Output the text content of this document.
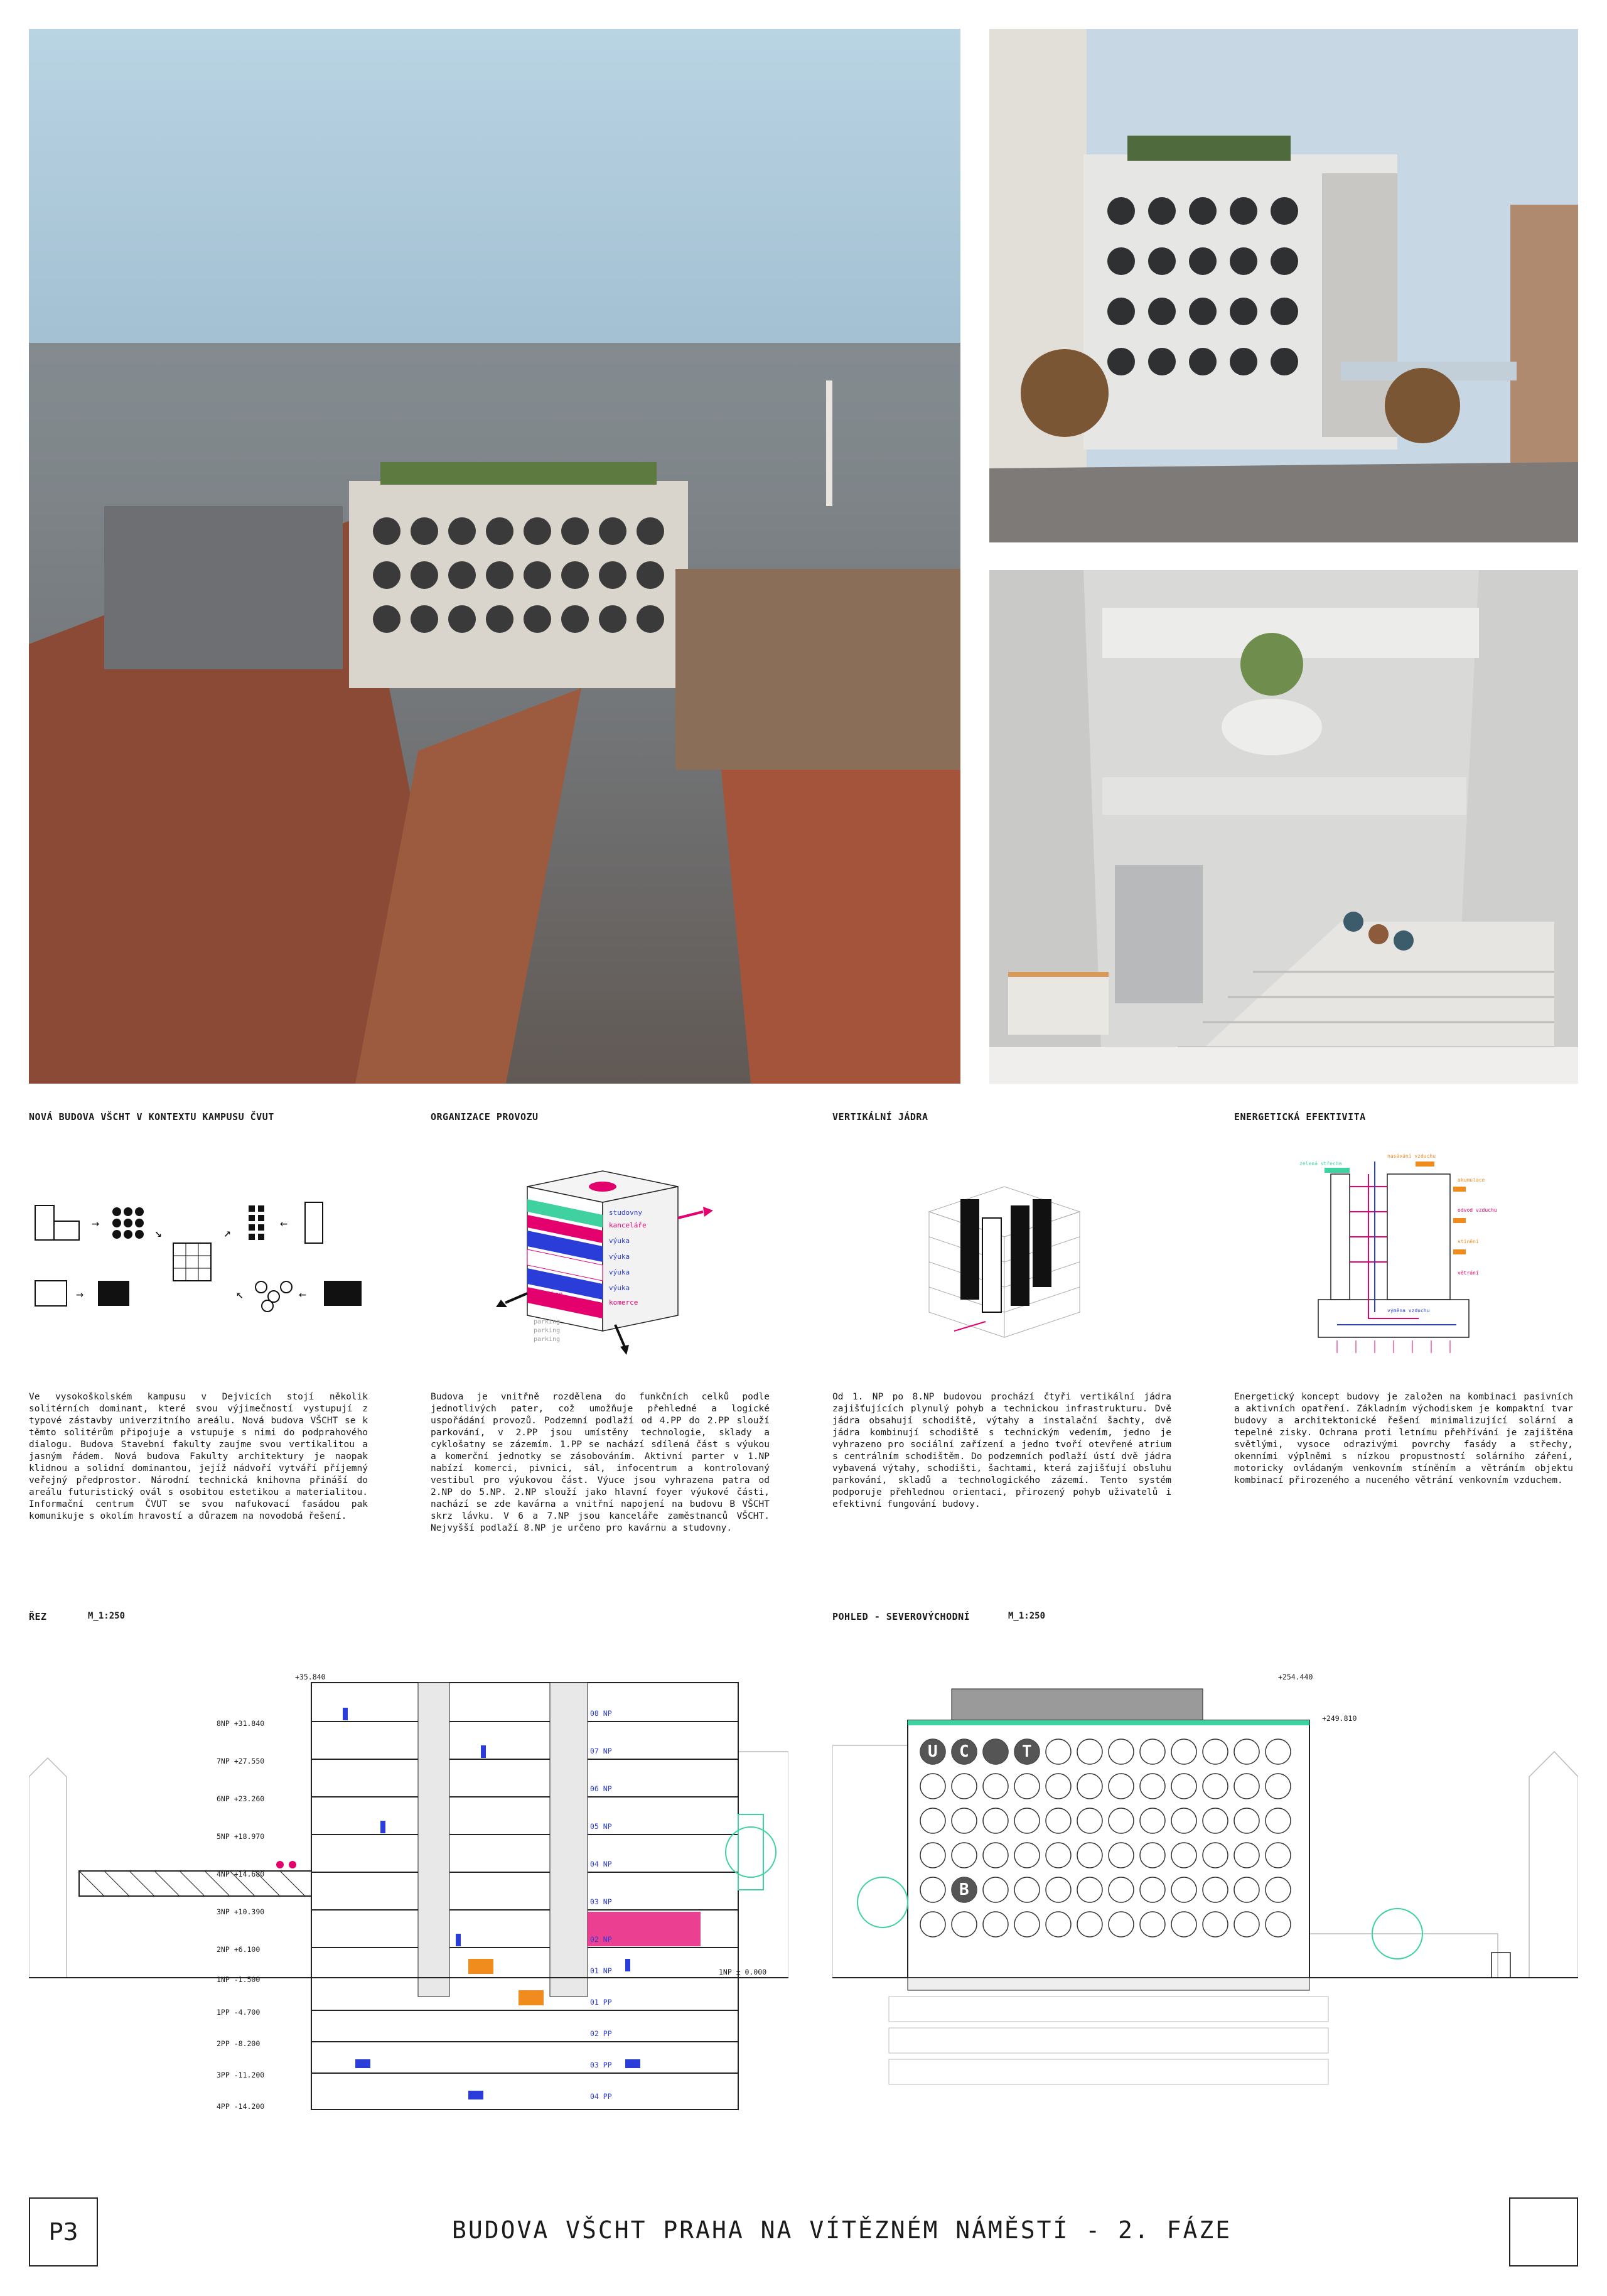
NOVÁ BUDOVA VŠCHT V KONTEXTU KAMPUSU ČVUT	ORGANIZACE PROVOZU	VERTIKÁLNÍ JÁDRA	ENERGETICKÁ EFEKTIVITA
→
↘	↗
←
→	↖	←
studovny
kanceláře
výuka
výuka
výuka
výuka
komerce
pivnice
parking
parking
parking
zelená střecha
nasávání vzduchu
akumulace
odvod vzduchu
stínění
větrání
výměna vzduchu
Ve vysokoškolském kampusu v Dejvicích stojí několik solitérních dominant, které svou výjimečností vystupují z typové zástavby univerzitního areálu. Nová budova VŠCHT se k těmto solitérům připojuje a vstupuje s nimi do podprahového dialogu. Budova Stavební fakulty zaujme svou vertikalitou a jasným řádem. Nová budova Fakulty architektury je naopak klidnou a solidní dominantou, jejíž nádvoří vytváří příjemný veřejný předprostor. Národní technická knihovna přináší do areálu futuristický ovál s osobitou estetikou a materialitou. Informační centrum ČVUT se svou nafukovací fasádou pak komunikuje s okolím hravostí a důrazem na novodobá řešení.
Budova je vnitřně rozdělena do funkčních celků podle jednotlivých pater, což umožňuje přehledné a logické uspořádání provozů. Podzemní podlaží od 4.PP do 2.PP slouží parkování, v 2.PP jsou umístěny technologie, sklady a cyklošatny se zázemím. 1.PP se nachází sdílená část s výukou a komerční jednotky se zásobováním. Aktivní parter v 1.NP nabízí komerci, pivnici, sál, infocentrum a kontrolovaný vestibul pro výukovou část. Výuce jsou vyhrazena patra od 2.NP do 5.NP. 2.NP slouží jako hlavní foyer výukové části, nachází se zde kavárna a vnitřní napojení na budovu B VŠCHT skrz lávku. V 6 a 7.NP jsou kanceláře zaměstnanců VŠCHT. Nejvyšší podlaží 8.NP je určeno pro kavárnu a studovny.
Od 1. NP po 8.NP budovou prochází čtyři vertikální jádra zajišťujících plynulý pohyb a technickou infrastrukturu. Dvě jádra obsahují schodiště, výtahy a instalační šachty, dvě jádra kombinují schodiště s technickým vedením, jedno je vyhrazeno pro sociální zařízení a jedno tvoří otevřené atrium s centrálním schodištěm. Do podzemních podlaží ústí dvě jádra vybavená výtahy, schodišti, šachtami, která zajišťují obsluhu parkování, skladů a technologického zázemí. Tento systém podporuje přehlednou orientaci, přirozený pohyb uživatelů i efektivní fungování budovy.
Energetický koncept budovy je založen na kombinaci pasivních a aktivních opatření. Základním východiskem je kompaktní tvar budovy a architektonické řešení minimalizující solární a tepelné zisky. Ochrana proti letnímu přehřívání je zajištěna světlými, vysoce odrazivými povrchy fasády a střechy, okenními výplněmi s nízkou propustností solárního záření, motoricky ovládaným venkovním stíněním a větráním objektu kombinací přirozeného a nuceného větrání venkovním vzduchem.
ŘEZ	M_1:250
+35.840
8NP +31.840
7NP +27.550
6NP +23.260
5NP +18.970
4NP +14.680
3NP +10.390
2NP +6.100
1NP -1.500
1PP -4.700
2PP -8.200
3PP -11.200
4PP -14.200
1NP ± 0.000
08 NP
07 NP
06 NP
05 NP
04 NP
03 NP
02 NP
01 NP
01 PP
02 PP
03 PP
04 PP
POHLED - SEVEROVÝCHODNÍ	M_1:250
U C	T
B
+254.440
+249.810
P3	BUDOVA VŠCHT PRAHA NA VÍTĚZNÉM NÁMĚSTÍ - 2. FÁZE
